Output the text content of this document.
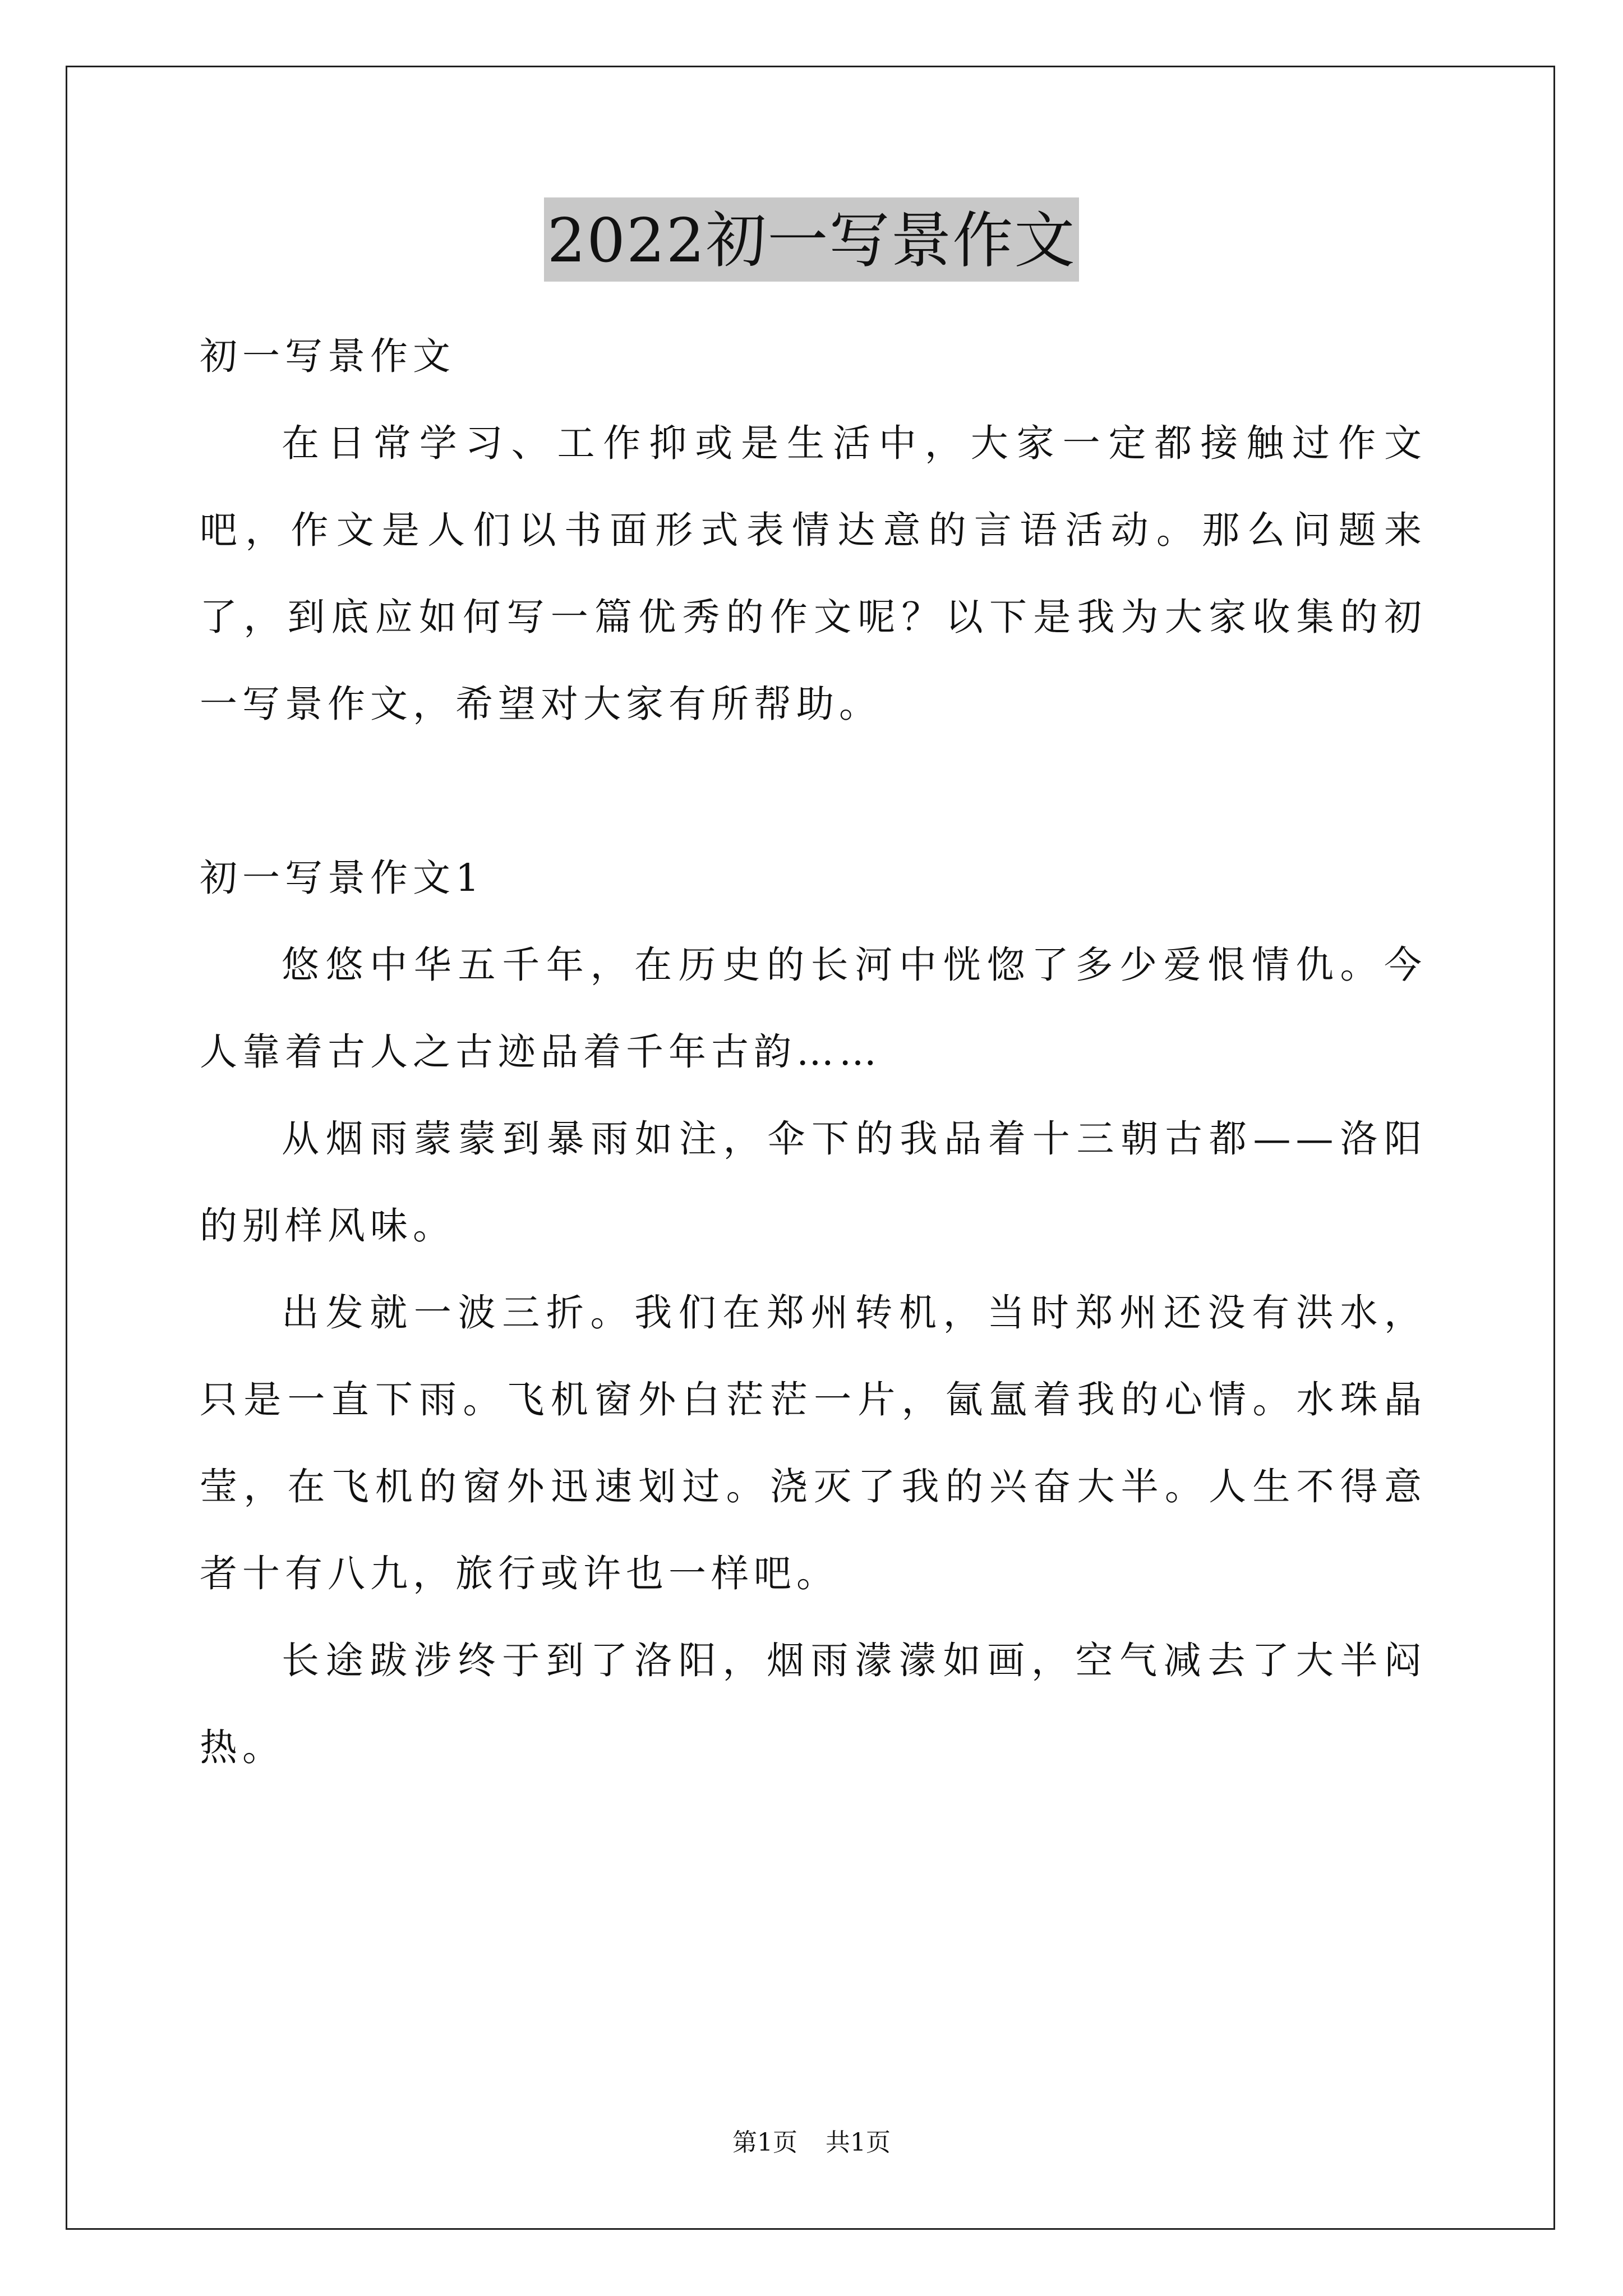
2022初一写景作文

初一写景作文

在日常学习、工作抑或是生活中，大家一定都接触过作文吧，作文是人们以书面形式表情达意的言语活动。那么问题来了，到底应如何写一篇优秀的作文呢？以下是我为大家收集的初一写景作文，希望对大家有所帮助。

初一写景作文1

悠悠中华五千年，在历史的长河中恍惚了多少爱恨情仇。今人靠着古人之古迹品着千年古韵……

从烟雨蒙蒙到暴雨如注，伞下的我品着十三朝古都——洛阳的别样风味。

出发就一波三折。我们在郑州转机，当时郑州还没有洪水，只是一直下雨。飞机窗外白茫茫一片，氤氲着我的心情。水珠晶莹，在飞机的窗外迅速划过。浇灭了我的兴奋大半。人生不得意者十有八九，旅行或许也一样吧。

长途跋涉终于到了洛阳，烟雨濛濛如画，空气减去了大半闷热。

第1页 共1页
